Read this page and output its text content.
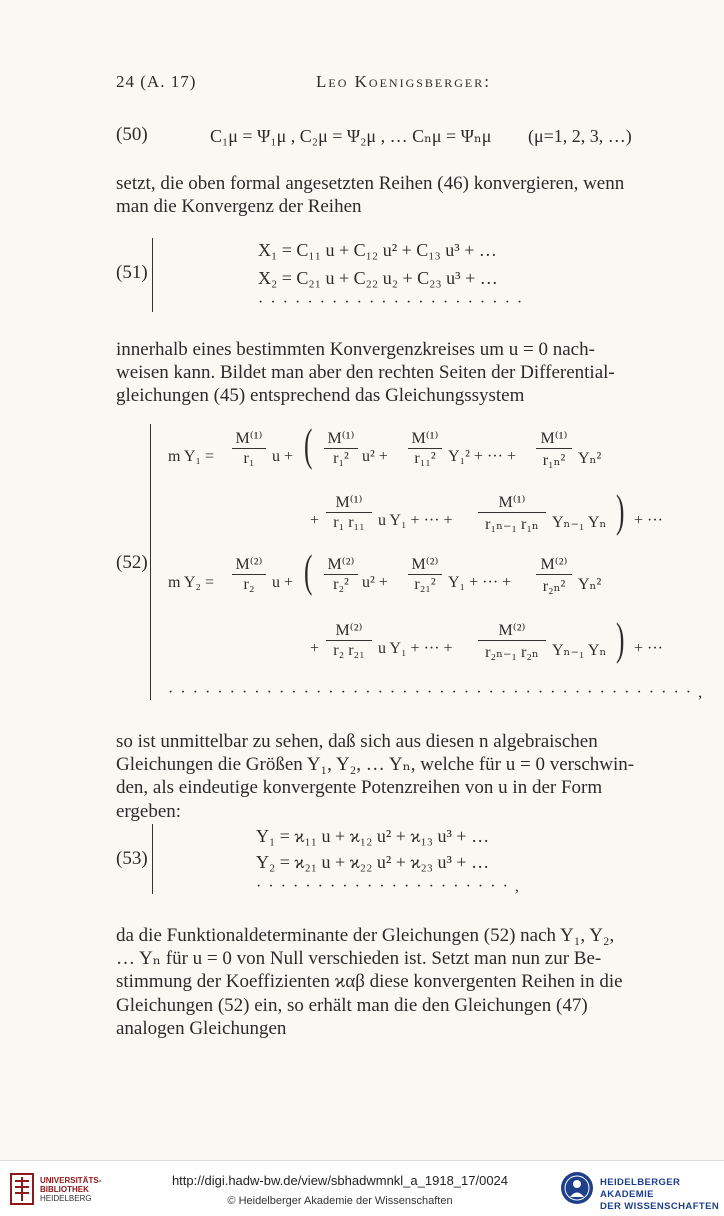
24 (A. 17)	Leo Koenigsberger:
(50)	C₁μ = Ψ₁μ , C₂μ = Ψ₂μ , … Cₙμ = Ψₙμ (μ=1, 2, 3, …)
setzt, die oben formal angesetzten Reihen (46) konvergieren, wenn
man die Konvergenz der Reihen
(51)
X₁ = C₁₁ u + C₁₂ u² + C₁₃ u³ + …
X₂ = C₂₁ u + C₂₂ u₂ + C₂₃ u³ + …
······················
innerhalb eines bestimmten Konvergenzkreises um u = 0 nach-
weisen kann. Bildet man aber den rechten Seiten der Differential-
gleichungen (45) entsprechend das Gleichungssystem
(52)
m $Y_1 = \frac{\text{M⁽¹⁾}}{\text{r₁}}$ u + ( $\frac{\text{M⁽¹⁾}}{\text{r₁²}} u^2 + \frac{\text{M⁽¹⁾}}{\text{r₁₁²}} Y_1^2$ + ··· + $\frac{\text{M⁽¹⁾}}{\text{r₁ₙ²}} Y_n^2$
+ $\frac{\text{M⁽¹⁾}}{\text{r₁ r₁₁}}$ u Y₁ + ··· + $\frac{\text{M⁽¹⁾}}{\text{r₁ₙ₋₁ r₁ₙ}} Y_{n-1}$ Yₙ ) + ···
m $Y_2 = \frac{\text{M⁽²⁾}}{\text{r₂}}$ u + ( $\frac{\text{M⁽²⁾}}{\text{r₂²}} u^2 + \frac{\text{M⁽²⁾}}{\text{r₂₁²}} Y_1$ + ··· + $\frac{\text{M⁽²⁾}}{\text{r₂ₙ²}} Y_n^2$
+ $\frac{\text{M⁽²⁾}}{\text{r₂ r₂₁}}$ u Y₁ + ··· + $\frac{\text{M⁽²⁾}}{\text{r₂ₙ₋₁ r₂ₙ}} Y_{n-1}$ Yₙ ) + ···
···········································,
so ist unmittelbar zu sehen, daß sich aus diesen n algebraischen
Gleichungen die Größen Y₁, Y₂, … Yₙ, welche für u = 0 verschwin-
den, als eindeutige konvergente Potenzreihen von u in der Form
ergeben:
(53)
Y₁ = ϰ₁₁ u + ϰ₁₂ u² + ϰ₁₃ u³ + …
Y₂ = ϰ₂₁ u + ϰ₂₂ u² + ϰ₂₃ u³ + …
·····················,
da die Funktionaldeterminante der Gleichungen (52) nach Y₁, Y₂,
… Yₙ für u = 0 von Null verschieden ist. Setzt man nun zur Be-
stimmung der Koeffizienten ϰαβ diese konvergenten Reihen in die
Gleichungen (52) ein, so erhält man die den Gleichungen (47)
analogen Gleichungen
UNIVERSITÄTS-
BIBLIOTHEK
HEIDELBERG
http://digi.hadw-bw.de/view/sbhadwmnkl_a_1918_17/0024
© Heidelberger Akademie der Wissenschaften
HEIDELBERGER AKADEMIE
DER WISSENSCHAFTEN
